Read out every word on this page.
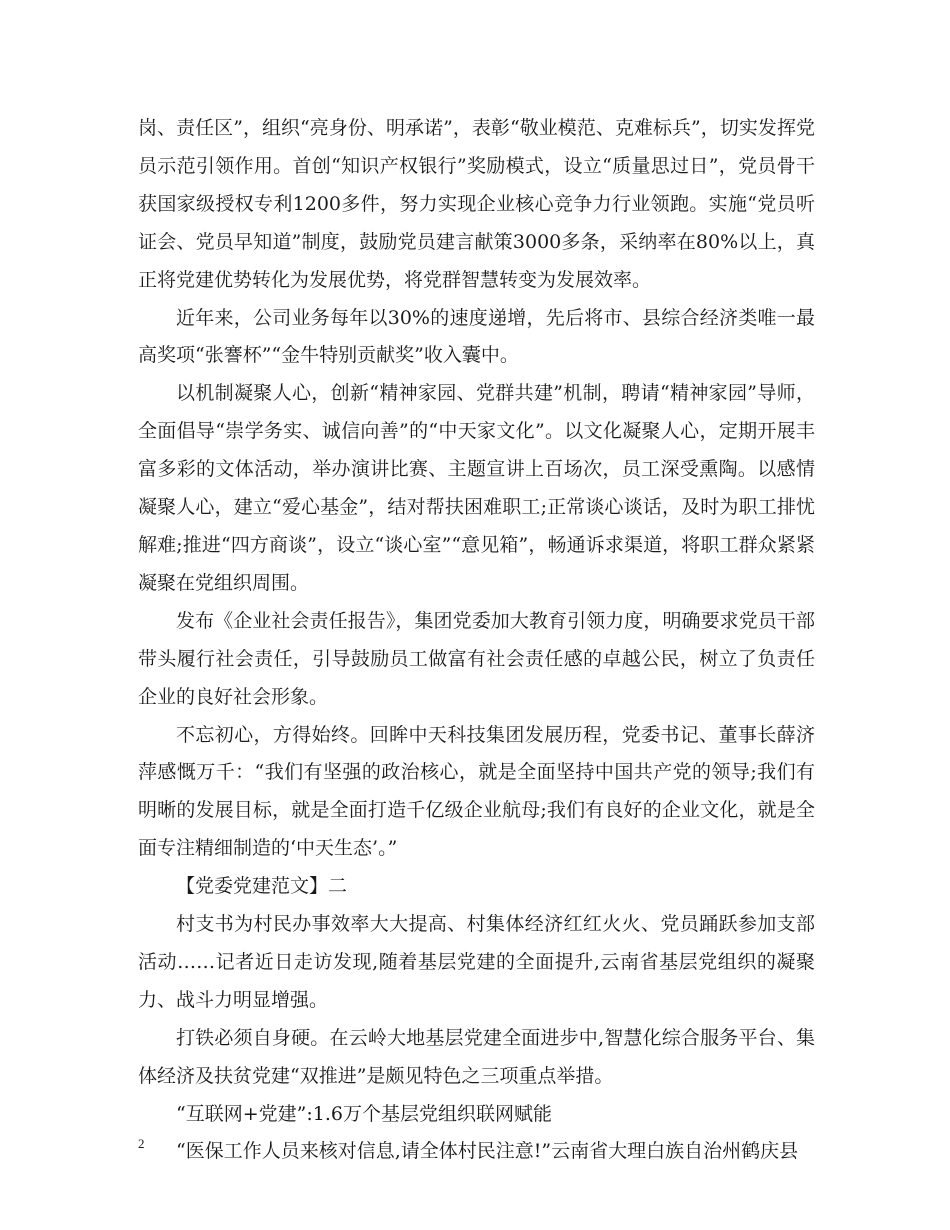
岗、责任区”，组织“亮身份、明承诺”，表彰“敬业模范、克难标兵”，切实发挥党员示范引领作用。首创“知识产权银行”奖励模式，设立“质量思过日”，党员骨干获国家级授权专利1200多件，努力实现企业核心竞争力行业领跑。实施“党员听证会、党员早知道”制度，鼓励党员建言献策3000多条，采纳率在80%以上，真正将党建优势转化为发展优势，将党群智慧转变为发展效率。

近年来，公司业务每年以30%的速度递增，先后将市、县综合经济类唯一最高奖项“张謇杯”“金牛特别贡献奖”收入囊中。

以机制凝聚人心，创新“精神家园、党群共建”机制，聘请“精神家园”导师，全面倡导“崇学务实、诚信向善”的“中天家文化”。以文化凝聚人心，定期开展丰富多彩的文体活动，举办演讲比赛、主题宣讲上百场次，员工深受熏陶。以感情凝聚人心，建立“爱心基金”，结对帮扶困难职工;正常谈心谈话，及时为职工排忧解难;推进“四方商谈”，设立“谈心室”“意见箱”，畅通诉求渠道，将职工群众紧紧凝聚在党组织周围。

发布《企业社会责任报告》，集团党委加大教育引领力度，明确要求党员干部带头履行社会责任，引导鼓励员工做富有社会责任感的卓越公民，树立了负责任企业的良好社会形象。

不忘初心，方得始终。回眸中天科技集团发展历程，党委书记、董事长薛济萍感慨万千：“我们有坚强的政治核心，就是全面坚持中国共产党的领导;我们有明晰的发展目标，就是全面打造千亿级企业航母;我们有良好的企业文化，就是全面专注精细制造的‘中天生态’。”

【党委党建范文】二

村支书为村民办事效率大大提高、村集体经济红红火火、党员踊跃参加支部活动……记者近日走访发现,随着基层党建的全面提升,云南省基层党组织的凝聚力、战斗力明显增强。

打铁必须自身硬。在云岭大地基层党建全面进步中,智慧化综合服务平台、集体经济及扶贫党建“双推进”是颇见特色之三项重点举措。

“互联网+党建”:1.6万个基层党组织联网赋能

“医保工作人员来核对信息,请全体村民注意!”云南省大理白族自治州鹤庆县

2
